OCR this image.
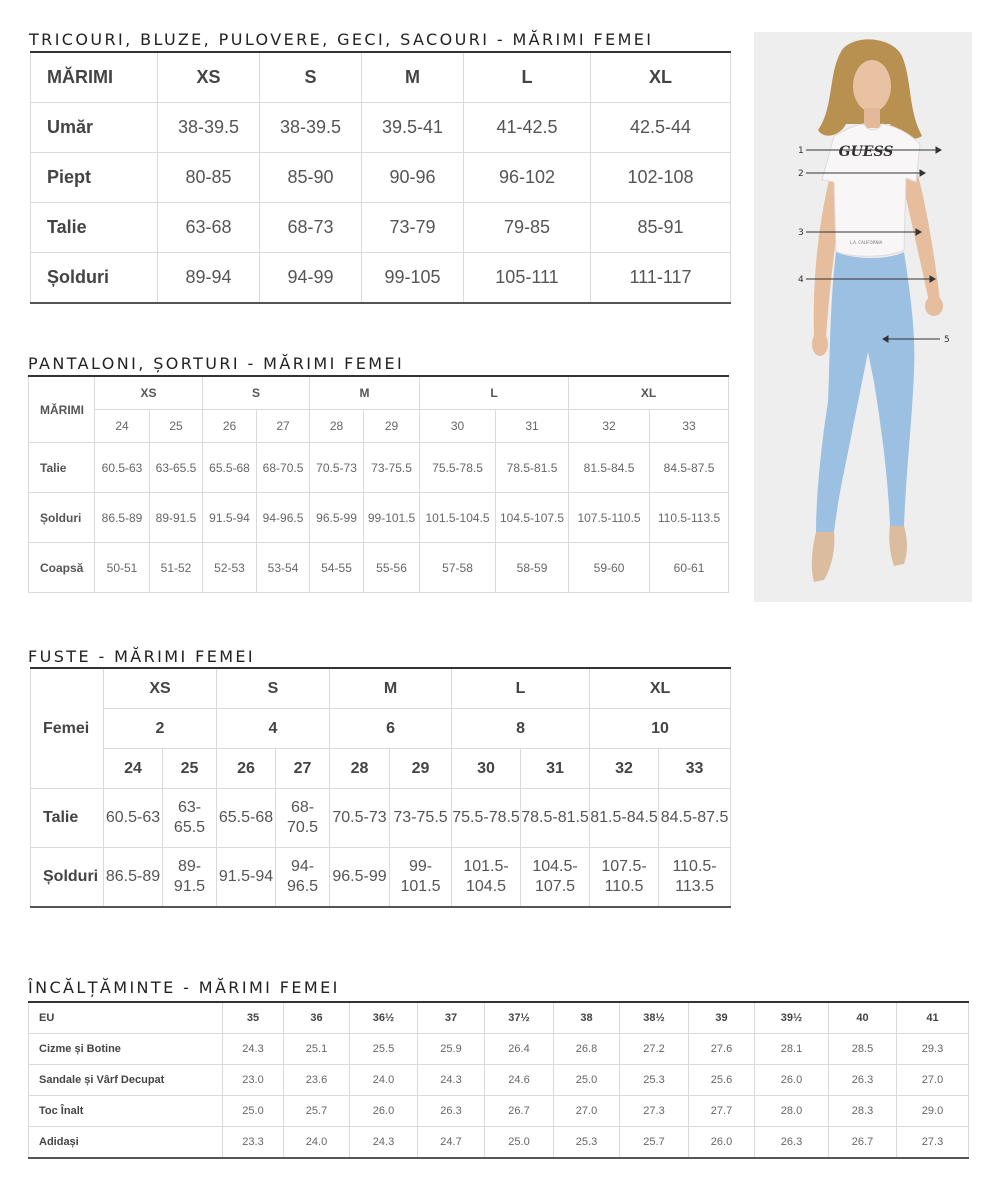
TRICOURI, BLUZE, PULOVERE, GECI, SACOURI - MĂRIMI FEMEI
MĂRIMI	XS	S	M	L	XL
Umăr	38-39.5	38-39.5	39.5-41	41-42.5	42.5-44
Piept	80-85	85-90	90-96	96-102	102-108
Talie	63-68	68-73	73-79	79-85	85-91
Șolduri	89-94	94-99	99-105	105-111	111-117
PANTALONI, ȘORTURI - MĂRIMI FEMEI
MĂRIMI	XS		S		M		L		XL	
	24	25	26	27	28	29	30	31	32	33
Talie	60.5-63	63-65.5	65.5-68	68-70.5	70.5-73	73-75.5	75.5-78.5	78.5-81.5	81.5-84.5	84.5-87.5
Șolduri	86.5-89	89-91.5	91.5-94	94-96.5	96.5-99	99-101.5	101.5-104.5	104.5-107.5	107.5-110.5	110.5-113.5
Coapsă	50-51	51-52	52-53	53-54	54-55	55-56	57-58	58-59	59-60	60-61
FUSTE - MĂRIMI FEMEI
Femei	XS		S		M		L		XL	
	2		4		6		8		10	
	24	25	26	27	28	29	30	31	32	33
Talie	60.5-63	63-65.5	65.5-68	68-70.5	70.5-73	73-75.5	75.5-78.5	78.5-81.5	81.5-84.5	84.5-87.5
Șolduri	86.5-89	89-91.5	91.5-94	94-96.5	96.5-99	99-101.5	101.5-104.5	104.5-107.5	107.5-110.5	110.5-113.5
ÎNCĂLȚĂMINTE - MĂRIMI FEMEI
EU	35	36	36½	37	37½	38	38½	39	39½	40	41
Cizme și Botine	24.3	25.1	25.5	25.9	26.4	26.8	27.2	27.6	28.1	28.5	29.3
Sandale și Vârf Decupat	23.0	23.6	24.0	24.3	24.6	25.0	25.3	25.6	26.0	26.3	27.0
Toc Înalt	25.0	25.7	26.0	26.3	26.7	27.0	27.3	27.7	28.0	28.3	29.0
Adidași	23.3	24.0	24.3	24.7	25.0	25.3	25.7	26.0	26.3	26.7	27.3
GUESS
L.A. CALIFORNIA
1
2
3
4
5
